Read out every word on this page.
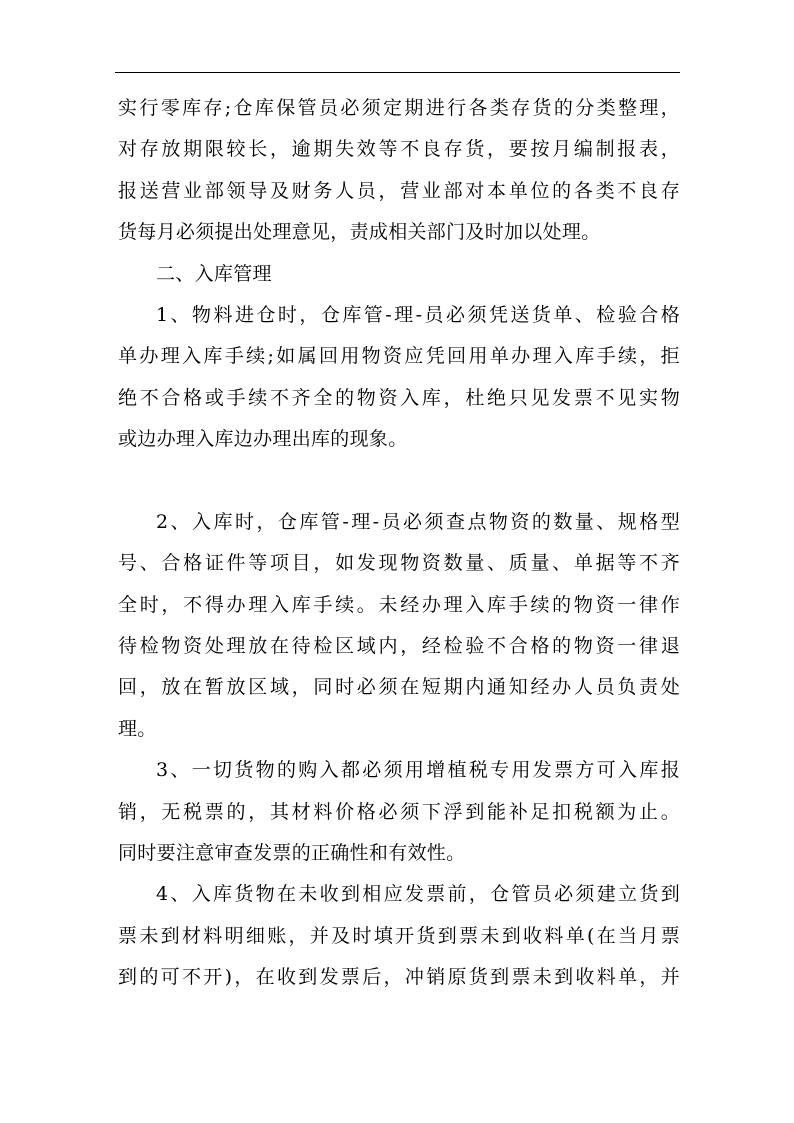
实行零库存;仓库保管员必须定期进行各类存货的分类整理，
对存放期限较长，逾期失效等不良存货，要按月编制报表，
报送营业部领导及财务人员，营业部对本单位的各类不良存
货每月必须提出处理意见，责成相关部门及时加以处理。
二、入库管理
1、物料进仓时，仓库管-理-员必须凭送货单、检验合格
单办理入库手续;如属回用物资应凭回用单办理入库手续，拒
绝不合格或手续不齐全的物资入库，杜绝只见发票不见实物
或边办理入库边办理出库的现象。
2、入库时，仓库管-理-员必须查点物资的数量、规格型
号、合格证件等项目，如发现物资数量、质量、单据等不齐
全时，不得办理入库手续。未经办理入库手续的物资一律作
待检物资处理放在待检区域内，经检验不合格的物资一律退
回，放在暂放区域，同时必须在短期内通知经办人员负责处
理。
3、一切货物的购入都必须用增植税专用发票方可入库报
销，无税票的，其材料价格必须下浮到能补足扣税额为止。
同时要注意审查发票的正确性和有效性。
4、入库货物在未收到相应发票前，仓管员必须建立货到
票未到材料明细账，并及时填开货到票未到收料单(在当月票
到的可不开)，在收到发票后，冲销原货到票未到收料单，并
